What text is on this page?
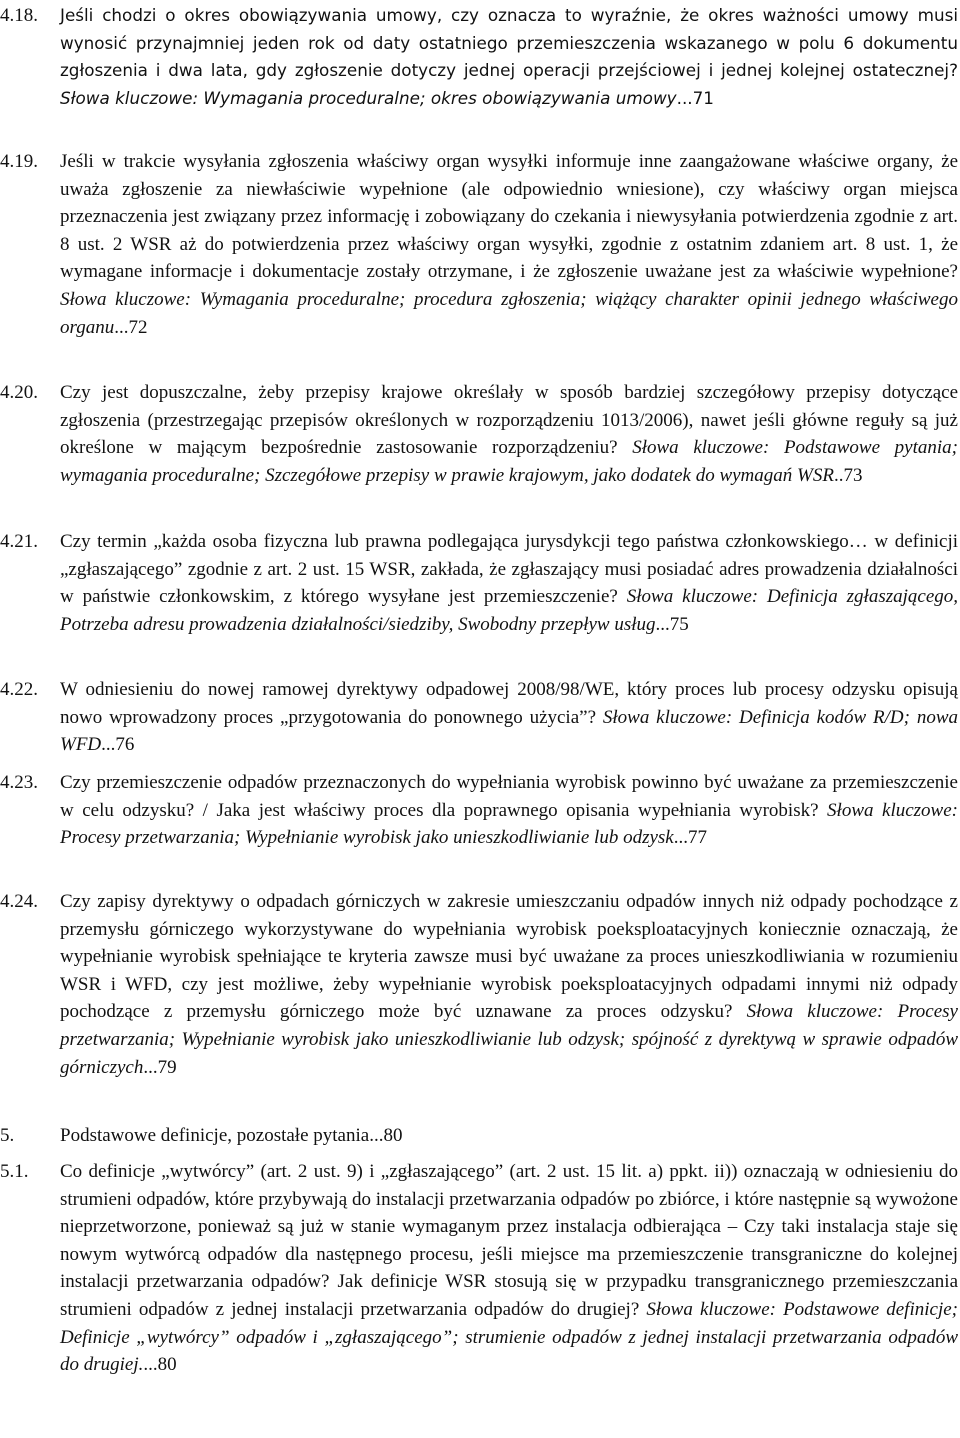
4.18. Jeśli chodzi o okres obowiązywania umowy, czy oznacza to wyraźnie, że okres ważności umowy musi wynosić przynajmniej jeden rok od daty ostatniego przemieszczenia wskazanego w polu 6 dokumentu zgłoszenia i dwa lata, gdy zgłoszenie dotyczy jednej operacji przejściowej i jednej kolejnej ostatecznej? Słowa kluczowe: Wymagania proceduralne; okres obowiązywania umowy...71
4.19. Jeśli w trakcie wysyłania zgłoszenia właściwy organ wysyłki informuje inne zaangażowane właściwe organy, że uważa zgłoszenie za niewłaściwie wypełnione (ale odpowiednio wniesione), czy właściwy organ miejsca przeznaczenia jest związany przez informację i zobowiązany do czekania i niewysyłania potwierdzenia zgodnie z art. 8 ust. 2 WSR aż do potwierdzenia przez właściwy organ wysyłki, zgodnie z ostatnim zdaniem art. 8 ust. 1, że wymagane informacje i dokumentacje zostały otrzymane, i że zgłoszenie uważane jest za właściwie wypełnione? Słowa kluczowe: Wymagania proceduralne; procedura zgłoszenia; wiążący charakter opinii jednego właściwego organu...72
4.20. Czy jest dopuszczalne, żeby przepisy krajowe określały w sposób bardziej szczegółowy przepisy dotyczące zgłoszenia (przestrzegając przepisów określonych w rozporządzeniu 1013/2006), nawet jeśli główne reguły są już określone w mającym bezpośrednie zastosowanie rozporządzeniu? Słowa kluczowe: Podstawowe pytania; wymagania proceduralne; Szczegółowe przepisy w prawie krajowym, jako dodatek do wymagań WSR..73
4.21. Czy termin „każda osoba fizyczna lub prawna podlegająca jurysdykcji tego państwa członkowskiego… w definicji „zgłaszającego” zgodnie z art. 2 ust. 15 WSR, zakłada, że zgłaszający musi posiadać adres prowadzenia działalności w państwie członkowskim, z którego wysyłane jest przemieszczenie? Słowa kluczowe: Definicja zgłaszającego, Potrzeba adresu prowadzenia działalności/siedziby, Swobodny przepływ usług...75
4.22. W odniesieniu do nowej ramowej dyrektywy odpadowej 2008/98/WE, który proces lub procesy odzysku opisują nowo wprowadzony proces „przygotowania do ponownego użycia”? Słowa kluczowe: Definicja kodów R/D; nowa WFD...76
4.23. Czy przemieszczenie odpadów przeznaczonych do wypełniania wyrobisk powinno być uważane za przemieszczenie w celu odzysku? / Jaka jest właściwy proces dla poprawnego opisania wypełniania wyrobisk? Słowa kluczowe: Procesy przetwarzania; Wypełnianie wyrobisk jako unieszkodliwianie lub odzysk...77
4.24. Czy zapisy dyrektywy o odpadach górniczych w zakresie umieszczaniu odpadów innych niż odpady pochodzące z przemysłu górniczego wykorzystywane do wypełniania wyrobisk poeksploatacyjnych koniecznie oznaczają, że wypełnianie wyrobisk spełniające te kryteria zawsze musi być uważane za proces unieszkodliwiania w rozumieniu WSR i WFD, czy jest możliwe, żeby wypełnianie wyrobisk poeksploatacyjnych odpadami innymi niż odpady pochodzące z przemysłu górniczego może być uznawane za proces odzysku? Słowa kluczowe: Procesy przetwarzania; Wypełnianie wyrobisk jako unieszkodliwianie lub odzysk; spójność z dyrektywą w sprawie odpadów górniczych...79
5. Podstawowe definicje, pozostałe pytania...80
5.1. Co definicje „wytwórcy” (art. 2 ust. 9) i „zgłaszającego” (art. 2 ust. 15 lit. a) ppkt. ii)) oznaczają w odniesieniu do strumieni odpadów, które przybywają do instalacji przetwarzania odpadów po zbiórce, i które następnie są wywożone nieprzetworzone, ponieważ są już w stanie wymaganym przez instalacja odbierająca – Czy taki instalacja staje się nowym wytwórcą odpadów dla następnego procesu, jeśli miejsce ma przemieszczenie transgraniczne do kolejnej instalacji przetwarzania odpadów? Jak definicje WSR stosują się w przypadku transgranicznego przemieszczania strumieni odpadów z jednej instalacji przetwarzania odpadów do drugiej? Słowa kluczowe: Podstawowe definicje; Definicje „wytwórcy” odpadów i „zgłaszającego”; strumienie odpadów z jednej instalacji przetwarzania odpadów do drugiej....80
